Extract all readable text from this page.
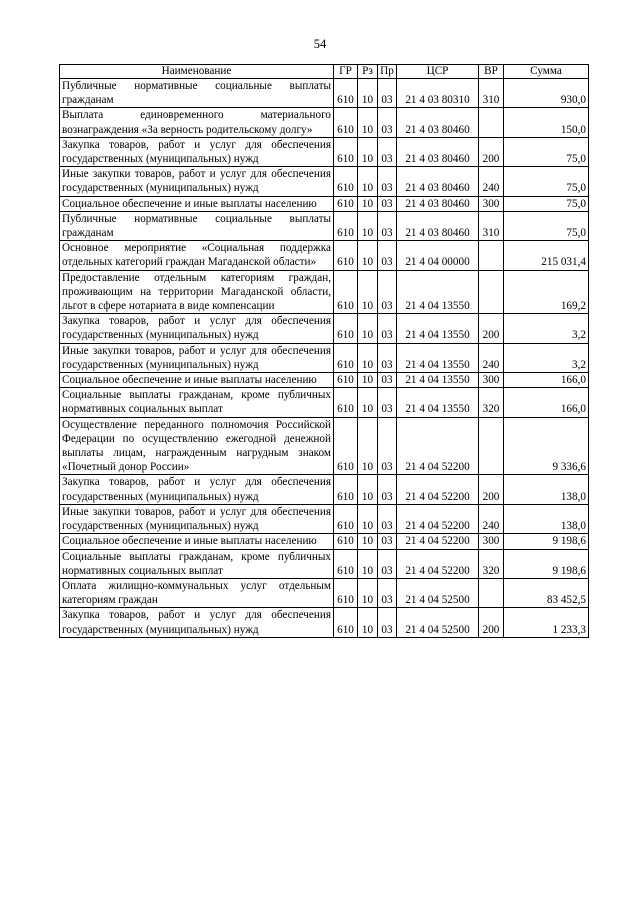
54
Наименование	ГР	Рз	Пр	ЦСР	ВР	Сумма
Публичные нормативные социальные выплаты гражданам	610	10	03	21 4 03 80310	310	930,0
Выплата единовременного материального вознаграждения «За верность родительскому долгу»	610	10	03	21 4 03 80460		150,0
Закупка товаров, работ и услуг для обеспечения государственных (муниципальных) нужд	610	10	03	21 4 03 80460	200	75,0
Иные закупки товаров, работ и услуг для обеспечения государственных (муниципальных) нужд	610	10	03	21 4 03 80460	240	75,0
Социальное обеспечение и иные выплаты населению	610	10	03	21 4 03 80460	300	75,0
Публичные нормативные социальные выплаты гражданам	610	10	03	21 4 03 80460	310	75,0
Основное мероприятие «Социальная поддержка отдельных категорий граждан Магаданской области»	610	10	03	21 4 04 00000		215 031,4
Предоставление отдельным категориям граждан, проживающим на территории Магаданской области, льгот в сфере нотариата в виде компенсации	610	10	03	21 4 04 13550		169,2
Закупка товаров, работ и услуг для обеспечения государственных (муниципальных) нужд	610	10	03	21 4 04 13550	200	3,2
Иные закупки товаров, работ и услуг для обеспечения государственных (муниципальных) нужд	610	10	03	21 4 04 13550	240	3,2
Социальное обеспечение и иные выплаты населению	610	10	03	21 4 04 13550	300	166,0
Социальные выплаты гражданам, кроме публичных нормативных социальных выплат	610	10	03	21 4 04 13550	320	166,0
Осуществление переданного полномочия Российской Федерации по осуществлению ежегодной денежной выплаты лицам, награжденным нагрудным знаком «Почетный донор России»	610	10	03	21 4 04 52200		9 336,6
Закупка товаров, работ и услуг для обеспечения государственных (муниципальных) нужд	610	10	03	21 4 04 52200	200	138,0
Иные закупки товаров, работ и услуг для обеспечения государственных (муниципальных) нужд	610	10	03	21 4 04 52200	240	138,0
Социальное обеспечение и иные выплаты населению	610	10	03	21 4 04 52200	300	9 198,6
Социальные выплаты гражданам, кроме публичных нормативных социальных выплат	610	10	03	21 4 04 52200	320	9 198,6
Оплата жилищно-коммунальных услуг отдельным категориям граждан	610	10	03	21 4 04 52500		83 452,5
Закупка товаров, работ и услуг для обеспечения государственных (муниципальных) нужд	610	10	03	21 4 04 52500	200	1 233,3
